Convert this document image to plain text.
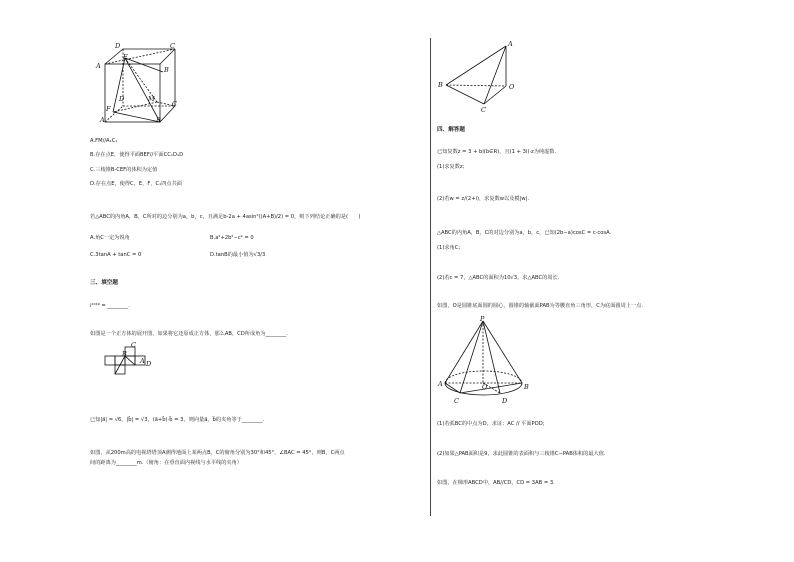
D	C
A
E
B
D	M
C
F
A	B
A.FM//A₁C₁
B.存在点E，使得平面BEF//平面CC₁D₁D
C.三棱锥B-CEF的体积为定值
D.存在点E，使得C，E，F，C₁四点共面
若△ABC的内角A，B，C所对的边分别为a，b，c，且满足b-2a + 4asin²((A+B)/2) = 0，则下列结论正确的是(　　)
A.角C一定为锐角	B.a²+2b²−c² = 0
C.3tanA + tanC = 0	D.tanB的最小值为√3/3
三、填空题
i²⁰¹⁹ = ________.
如图是一个正方体的展开图，如果将它还原成正方体，那么AB，CD所成角为________.
C
B
A D
已知|a⃗| = √6，|b⃗| = √3，(a⃗+b⃗)·b⃗ = 3，则向量a⃗，b⃗的夹角等于________.
如图，从200m高的电视塔塔顶A测得地面上某两点B，C的俯角分别为30°和45°，∠BAC = 45°，则B，C两点
间的距离为________m.（俯角：在垂直面内视线与水平线的夹角）
A
B	O
C
四、解答题
已知复数z = 3 + bi(b∈R)，且(1 + 3i)·z为纯虚数.
(1)求复数z;
(2)若w = z/(2+i)，求复数w以及模|w|.
△ABC的内角A，B，C的对边分别为a，b，c，已知(2b−a)cosC = c·cosA.
(1)求角C;
(2)若c = 7，△ABC的面积为10√3，求△ABC的周长.
如图，O是圆锥底面圆的圆心，圆锥的轴截面PAB为等腰直角三角形，C为底面圆周上一点.
P
A	O	B
C	D
(1)若弧BC的中点为D，求证：AC // 平面POD;
(2)如果△PAB面积是9，求此圆锥的表面积与三棱锥C−PAB体积的最大值.
如图，在梯形ABCD中，AB//CD，CD = 3AB = 3.
